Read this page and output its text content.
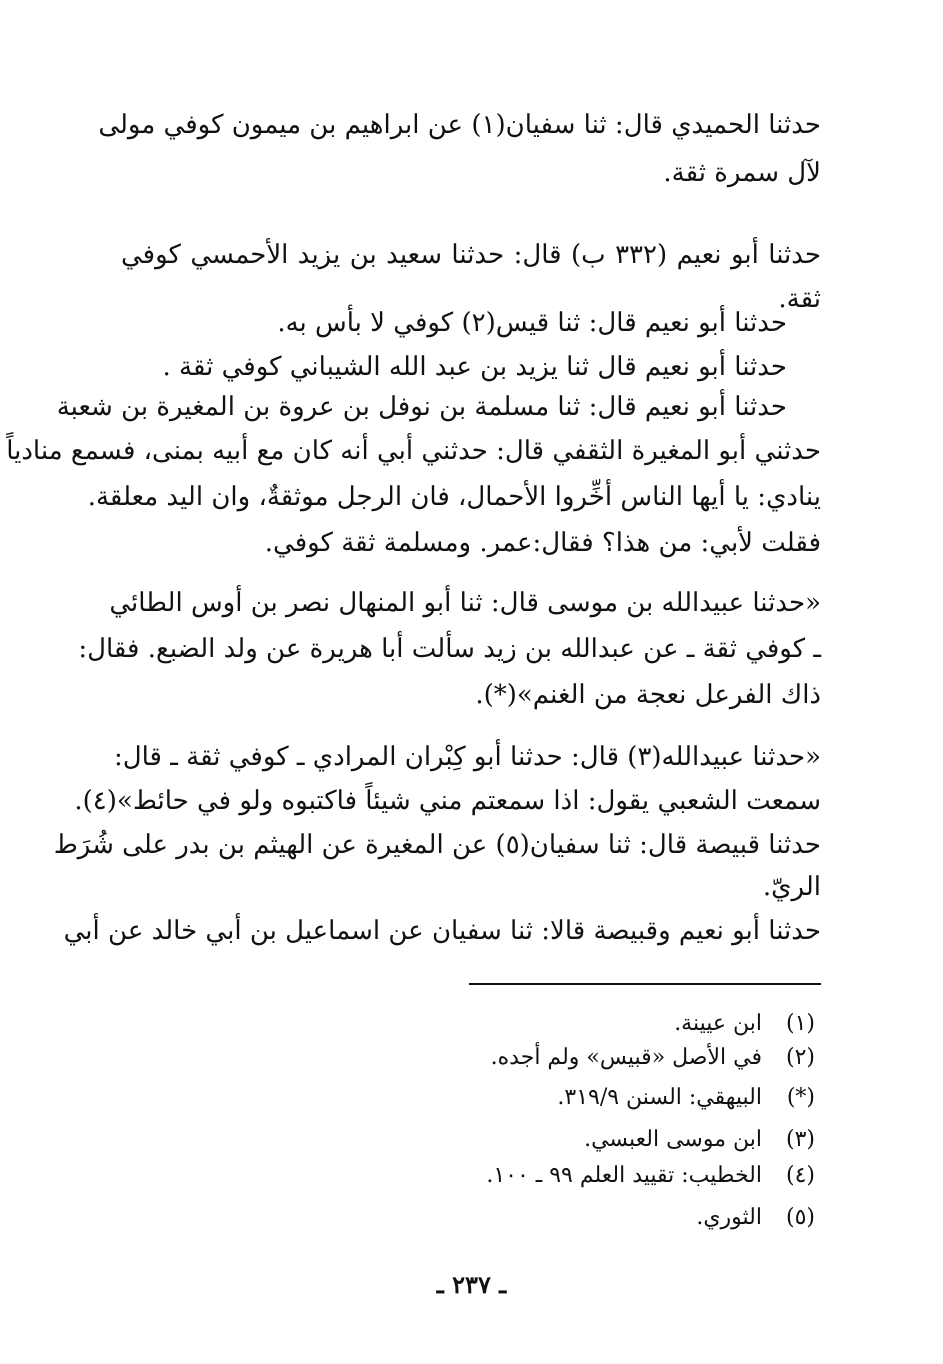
حدثنا الحميدي قال: ثنا سفيان(١) عن ابراهيم بن ميمون كوفي مولى
لآل سمرة ثقة.
حدثنا أبو نعيم (٣٣٢ ب) قال: حدثنا سعيد بن يزيد الأحمسي كوفي
ثقة.
حدثنا أبو نعيم قال: ثنا قيس(٢) كوفي لا بأس به.
حدثنا أبو نعيم قال ثنا يزيد بن عبد الله الشيباني كوفي ثقة .
حدثنا أبو نعيم قال: ثنا مسلمة بن نوفل بن عروة بن المغيرة بن شعبة
حدثني أبو المغيرة الثقفي قال: حدثني أبي أنه كان مع أبيه بمنى، فسمع منادياً
ينادي: يا أيها الناس أخِّروا الأحمال، فان الرجل موثقةٌ، وان اليد معلقة.
فقلت لأبي: من هذا؟ فقال:عمر. ومسلمة ثقة كوفي.
«حدثنا عبيدالله بن موسى قال: ثنا أبو المنهال نصر بن أوس الطائي
ـ كوفي ثقة ـ عن عبدالله بن زيد سألت أبا هريرة عن ولد الضبع. فقال:
ذاك الفرعل نعجة من الغنم»(*).
«حدثنا عبيدالله(٣) قال: حدثنا أبو كِبْران المرادي ـ كوفي ثقة ـ قال:
سمعت الشعبي يقول: اذا سمعتم مني شيئاً فاكتبوه ولو في حائط»(٤).
حدثنا قبيصة قال: ثنا سفيان(٥) عن المغيرة عن الهيثم بن بدر على شُرَط
الريّ.
حدثنا أبو نعيم وقبيصة قالا: ثنا سفيان عن اسماعيل بن أبي خالد عن أبي
(١) ابن عيينة.
(٢) في الأصل «قبيس» ولم أجده.
(*) البيهقي: السنن ٣١٩/٩.
(٣) ابن موسى العبسي.
(٤) الخطيب: تقييد العلم ٩٩ ـ ١٠٠.
(٥) الثوري.
ـ ٢٣٧ ـ
